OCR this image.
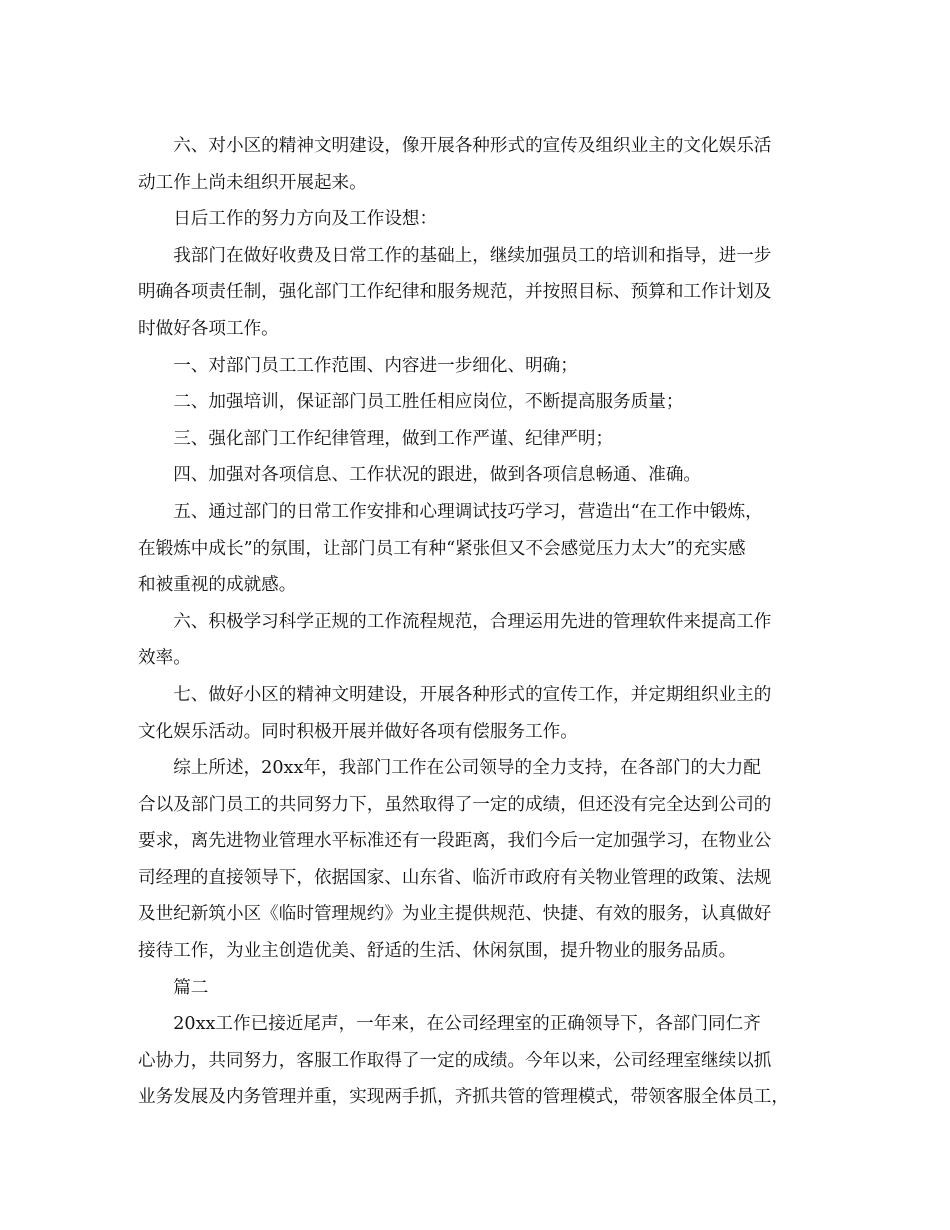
　　六、对小区的精神文明建设，像开展各种形式的宣传及组织业主的文化娱乐活
动工作上尚未组织开展起来。
　　日后工作的努力方向及工作设想：
　　我部门在做好收费及日常工作的基础上，继续加强员工的培训和指导，进一步
明确各项责任制，强化部门工作纪律和服务规范，并按照目标、预算和工作计划及
时做好各项工作。
　　一、对部门员工工作范围、内容进一步细化、明确；
　　二、加强培训，保证部门员工胜任相应岗位，不断提高服务质量；
　　三、强化部门工作纪律管理，做到工作严谨、纪律严明；
　　四、加强对各项信息、工作状况的跟进，做到各项信息畅通、准确。
　　五、通过部门的日常工作安排和心理调试技巧学习，营造出“在工作中锻炼，
在锻炼中成长”的氛围，让部门员工有种“紧张但又不会感觉压力太大”的充实感
和被重视的成就感。
　　六、积极学习科学正规的工作流程规范，合理运用先进的管理软件来提高工作
效率。
　　七、做好小区的精神文明建设，开展各种形式的宣传工作，并定期组织业主的
文化娱乐活动。同时积极开展并做好各项有偿服务工作。
　　综上所述，20xx年，我部门工作在公司领导的全力支持，在各部门的大力配
合以及部门员工的共同努力下，虽然取得了一定的成绩，但还没有完全达到公司的
要求，离先进物业管理水平标准还有一段距离，我们今后一定加强学习，在物业公
司经理的直接领导下，依据国家、山东省、临沂市政府有关物业管理的政策、法规
及世纪新筑小区《临时管理规约》为业主提供规范、快捷、有效的服务，认真做好
接待工作，为业主创造优美、舒适的生活、休闲氛围，提升物业的服务品质。
　　篇二
　　20xx工作已接近尾声，一年来，在公司经理室的正确领导下，各部门同仁齐
心协力，共同努力，客服工作取得了一定的成绩。今年以来，公司经理室继续以抓
业务发展及内务管理并重，实现两手抓，齐抓共管的管理模式，带领客服全体员工，
